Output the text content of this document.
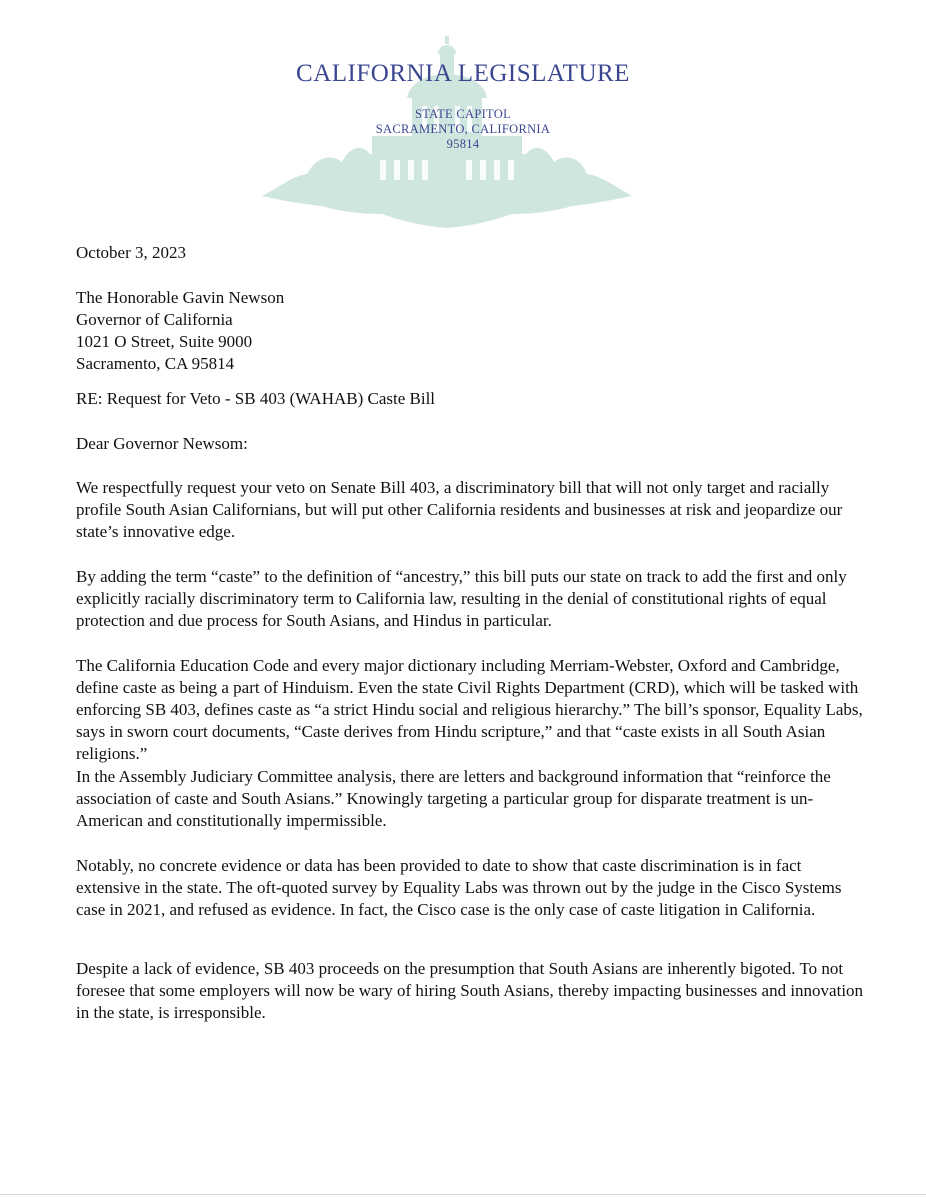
CALIFORNIA LEGISLATURE
STATE CAPITOL
SACRAMENTO, CALIFORNIA
95814

October 3, 2023

The Honorable Gavin Newson
Governor of California
1021 O Street, Suite 9000
Sacramento, CA 95814

RE: Request for Veto - SB 403 (WAHAB) Caste Bill

Dear Governor Newsom:

We respectfully request your veto on Senate Bill 403, a discriminatory bill that will not only target and racially profile South Asian Californians, but will put other California residents and businesses at risk and jeopardize our state’s innovative edge.

By adding the term “caste” to the definition of “ancestry,” this bill puts our state on track to add the first and only explicitly racially discriminatory term to California law, resulting in the denial of constitutional rights of equal protection and due process for South Asians, and Hindus in particular.

The California Education Code and every major dictionary including Merriam-Webster, Oxford and Cambridge, define caste as being a part of Hinduism. Even the state Civil Rights Department (CRD), which will be tasked with enforcing SB 403, defines caste as “a strict Hindu social and religious hierarchy.” The bill’s sponsor, Equality Labs, says in sworn court documents, “Caste derives from Hindu scripture,” and that “caste exists in all South Asian religions.”

In the Assembly Judiciary Committee analysis, there are letters and background information that “reinforce the association of caste and South Asians.” Knowingly targeting a particular group for disparate treatment is un-American and constitutionally impermissible.

Notably, no concrete evidence or data has been provided to date to show that caste discrimination is in fact extensive in the state. The oft-quoted survey by Equality Labs was thrown out by the judge in the Cisco Systems case in 2021, and refused as evidence. In fact, the Cisco case is the only case of caste litigation in California.

Despite a lack of evidence, SB 403 proceeds on the presumption that South Asians are inherently bigoted. To not foresee that some employers will now be wary of hiring South Asians, thereby impacting businesses and innovation in the state, is irresponsible.
